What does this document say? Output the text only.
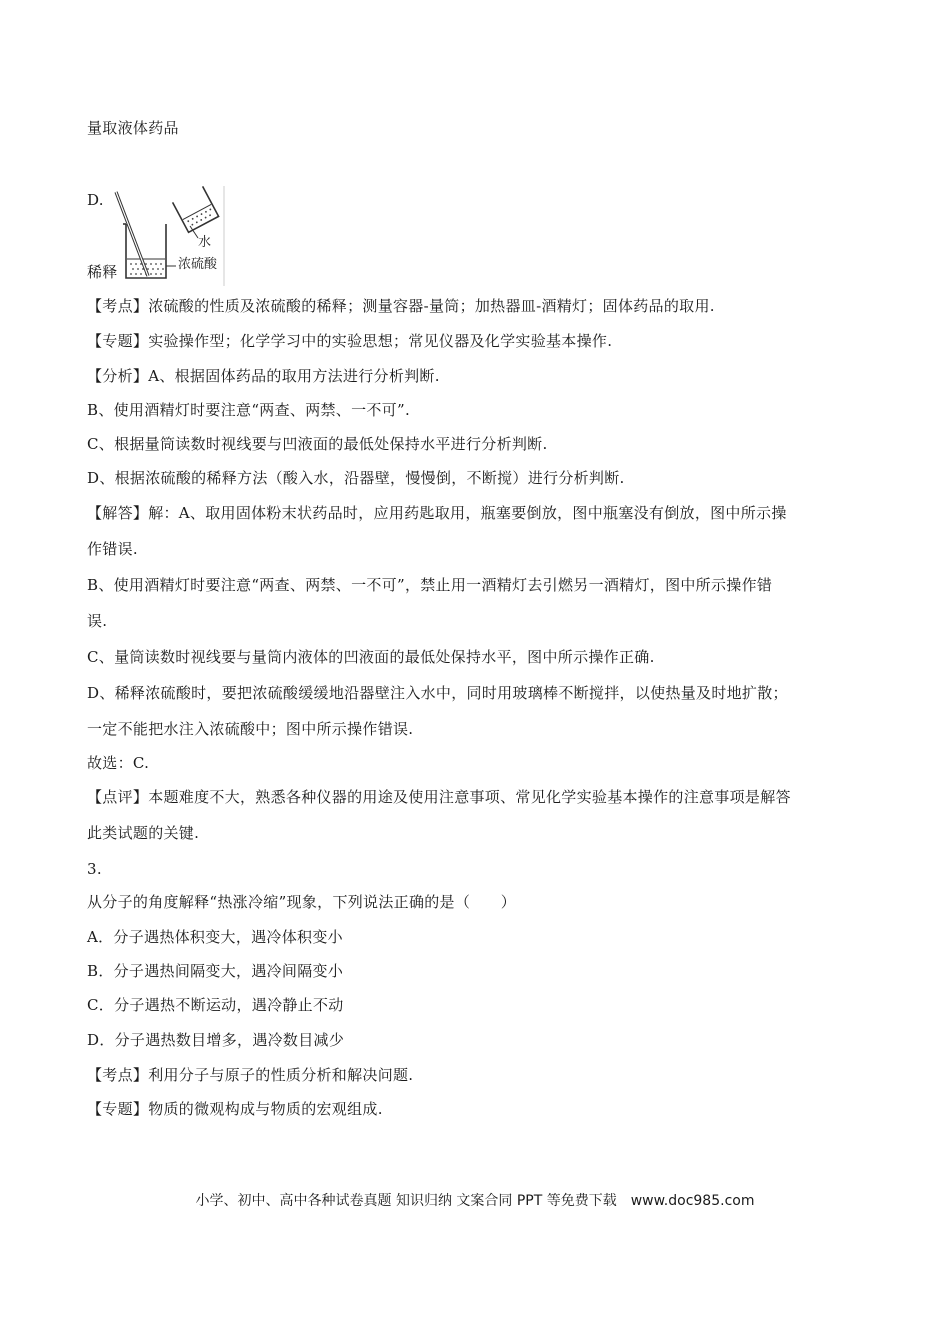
量取液体药品
D.
稀释
水
浓硫酸
【考点】浓硫酸的性质及浓硫酸的稀释；测量容器-量筒；加热器皿-酒精灯；固体药品的取用.
【专题】实验操作型；化学学习中的实验思想；常见仪器及化学实验基本操作.
【分析】A、根据固体药品的取用方法进行分析判断.
B、使用酒精灯时要注意“两查、两禁、一不可”.
C、根据量筒读数时视线要与凹液面的最低处保持水平进行分析判断.
D、根据浓硫酸的稀释方法（酸入水，沿器壁，慢慢倒，不断搅）进行分析判断.
【解答】解：A、取用固体粉末状药品时，应用药匙取用，瓶塞要倒放，图中瓶塞没有倒放，图中所示操
作错误.
B、使用酒精灯时要注意“两查、两禁、一不可”，禁止用一酒精灯去引燃另一酒精灯，图中所示操作错
误.
C、量筒读数时视线要与量筒内液体的凹液面的最低处保持水平，图中所示操作正确.
D、稀释浓硫酸时，要把浓硫酸缓缓地沿器壁注入水中，同时用玻璃棒不断搅拌，以使热量及时地扩散；
一定不能把水注入浓硫酸中；图中所示操作错误.
故选：C.
【点评】本题难度不大，熟悉各种仪器的用途及使用注意事项、常见化学实验基本操作的注意事项是解答
此类试题的关键.
3.
从分子的角度解释“热涨冷缩”现象，下列说法正确的是（　　）
A．分子遇热体积变大，遇冷体积变小
B．分子遇热间隔变大，遇冷间隔变小
C．分子遇热不断运动，遇冷静止不动
D．分子遇热数目增多，遇冷数目减少
【考点】利用分子与原子的性质分析和解决问题.
【专题】物质的微观构成与物质的宏观组成.
小学、初中、高中各种试卷真题 知识归纳 文案合同 PPT 等免费下载　www.doc985.com
